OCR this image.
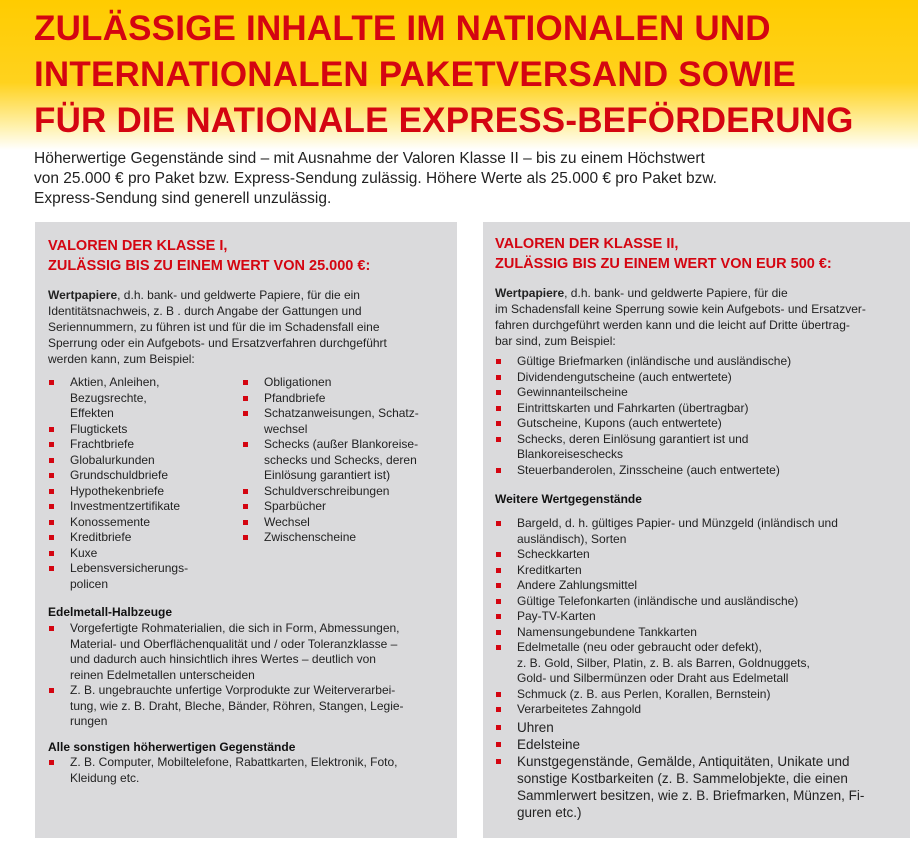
ZULÄSSIGE INHALTE IM NATIONALEN UND
INTERNATIONALEN PAKETVERSAND SOWIE
FÜR DIE NATIONALE EXPRESS-BEFÖRDERUNG

Höherwertige Gegenstände sind – mit Ausnahme der Valoren Klasse II – bis zu einem Höchstwert
von 25.000 € pro Paket bzw. Express-Sendung zulässig. Höhere Werte als 25.000 € pro Paket bzw.
Express-Sendung sind generell unzulässig.

VALOREN DER KLASSE I,
ZULÄSSIG BIS ZU EINEM WERT VON 25.000 €:

Wertpapiere, d.h. bank- und geldwerte Papiere, für die ein
Identitätsnachweis, z. B . durch Angabe der Gattungen und
Seriennummern, zu führen ist und für die im Schadensfall eine
Sperrung oder ein Aufgebots- und Ersatzverfahren durchgeführt
werden kann, zum Beispiel:

Aktien, Anleihen,
Bezugsrechte,
Effekten
Flugtickets
Frachtbriefe
Globalurkunden
Grundschuldbriefe
Hypothekenbriefe
Investmentzertifikate
Konossemente
Kreditbriefe
Kuxe
Lebensversicherungs-
policen
Obligationen
Pfandbriefe
Schatzanweisungen, Schatz-
wechsel
Schecks (außer Blankoreise-
schecks und Schecks, deren
Einlösung garantiert ist)
Schuldverschreibungen
Sparbücher
Wechsel
Zwischenscheine

Edelmetall-Halbzeuge

Vorgefertigte Rohmaterialien, die sich in Form, Abmessungen,
Material- und Oberflächenqualität und / oder Toleranzklasse –
und dadurch auch hinsichtlich ihres Wertes – deutlich von
reinen Edelmetallen unterscheiden
Z. B. ungebrauchte unfertige Vorprodukte zur Weiterverarbei-
tung, wie z. B. Draht, Bleche, Bänder, Röhren, Stangen, Legie-
rungen

Alle sonstigen höherwertigen Gegenstände

Z. B. Computer, Mobiltelefone, Rabattkarten, Elektronik, Foto,
Kleidung etc.
VALOREN DER KLASSE II,
ZULÄSSIG BIS ZU EINEM WERT VON EUR 500 €:

Wertpapiere, d.h. bank- und geldwerte Papiere, für die
im Schadensfall keine Sperrung sowie kein Aufgebots- und Ersatzver-
fahren durchgeführt werden kann und die leicht auf Dritte übertrag-
bar sind, zum Beispiel:

Gültige Briefmarken (inländische und ausländische)
Dividendengutscheine (auch entwertete)
Gewinnanteilscheine
Eintrittskarten und Fahrkarten (übertragbar)
Gutscheine, Kupons (auch entwertete)
Schecks, deren Einlösung garantiert ist und
Blankoreiseschecks
Steuerbanderolen, Zinsscheine (auch entwertete)

Weitere Wertgegenstände

Bargeld, d. h. gültiges Papier- und Münzgeld (inländisch und
ausländisch), Sorten
Scheckkarten
Kreditkarten
Andere Zahlungsmittel
Gültige Telefonkarten (inländische und ausländische)
Pay-TV-Karten
Namensungebundene Tankkarten
Edelmetalle (neu oder gebraucht oder defekt),
z. B. Gold, Silber, Platin, z. B. als Barren, Goldnuggets,
Gold- und Silbermünzen oder Draht aus Edelmetall
Schmuck (z. B. aus Perlen, Korallen, Bernstein)
Verarbeitetes Zahngold
Uhren
Edelsteine
Kunstgegenstände, Gemälde, Antiquitäten, Unikate und
sonstige Kostbarkeiten (z. B. Sammelobjekte, die einen
Sammlerwert besitzen, wie z. B. Briefmarken, Münzen, Fi-
guren etc.)
